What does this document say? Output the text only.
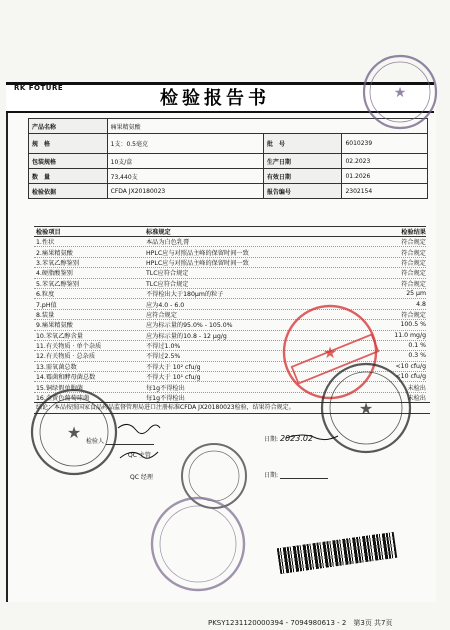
RK FOTURE	检验报告书
产品名称	痛果精氨酸		
规　格	1支：0.5毫克	批　号	6010239
包装规格	10支/盒	生产日期	02.2023
数　量	73,440支	有效日期	01.2026
检验依据	CFDA JX20180023	报告编号	2302154
检验项目	标准规定	检验结果
1.性状	本品为白色乳膏	符合规定
2.痛果精氨酸	HPLC应与对照品主峰的保留时间一致	符合规定
3.苯氧乙醇鉴别	HPLC应与对照品主峰的保留时间一致	符合规定
4.硬脂酸鉴别	TLC应符合规定	符合规定
5.苯氧乙醇鉴别	TLC应符合规定	符合规定
6.粒度	不得检出大于180μm的粒子	25 μm
7.pH值	应为4.0 - 6.0	4.8
8.装量	应符合规定	符合规定
9.痛果精氨酸	应为标示量的95.0% - 105.0%	100.5 %
10.苯氧乙醇含量	应为标示量的10.8 - 12 μg/g	11.0 mg/g
11.有关物质 · 单个杂质	不得过1.0%	0.1 %
12.有关物质 · 总杂质	不得过2.5%	0.3 %
13.需氧菌总数	不得大于 10² cfu/g	<10 cfu/g
14.霉菌和酵母菌总数	不得大于 10¹ cfu/g	<10 cfu/g
15.铜绿假单胞菌	每1g不得检出	未检出
16.金黄色葡萄球菌	每1g不得检出	未检出
结论：本品按照国家食品药品监督管理局进口注册标准CFDA JX20180023检验，结果符合规定。
检验人
QC 主管
QC 经理
日期: 2023.02
日期:
★
★
★
★
PKSY1231120000394 - 7094980613 - 2　第3页 共7页
